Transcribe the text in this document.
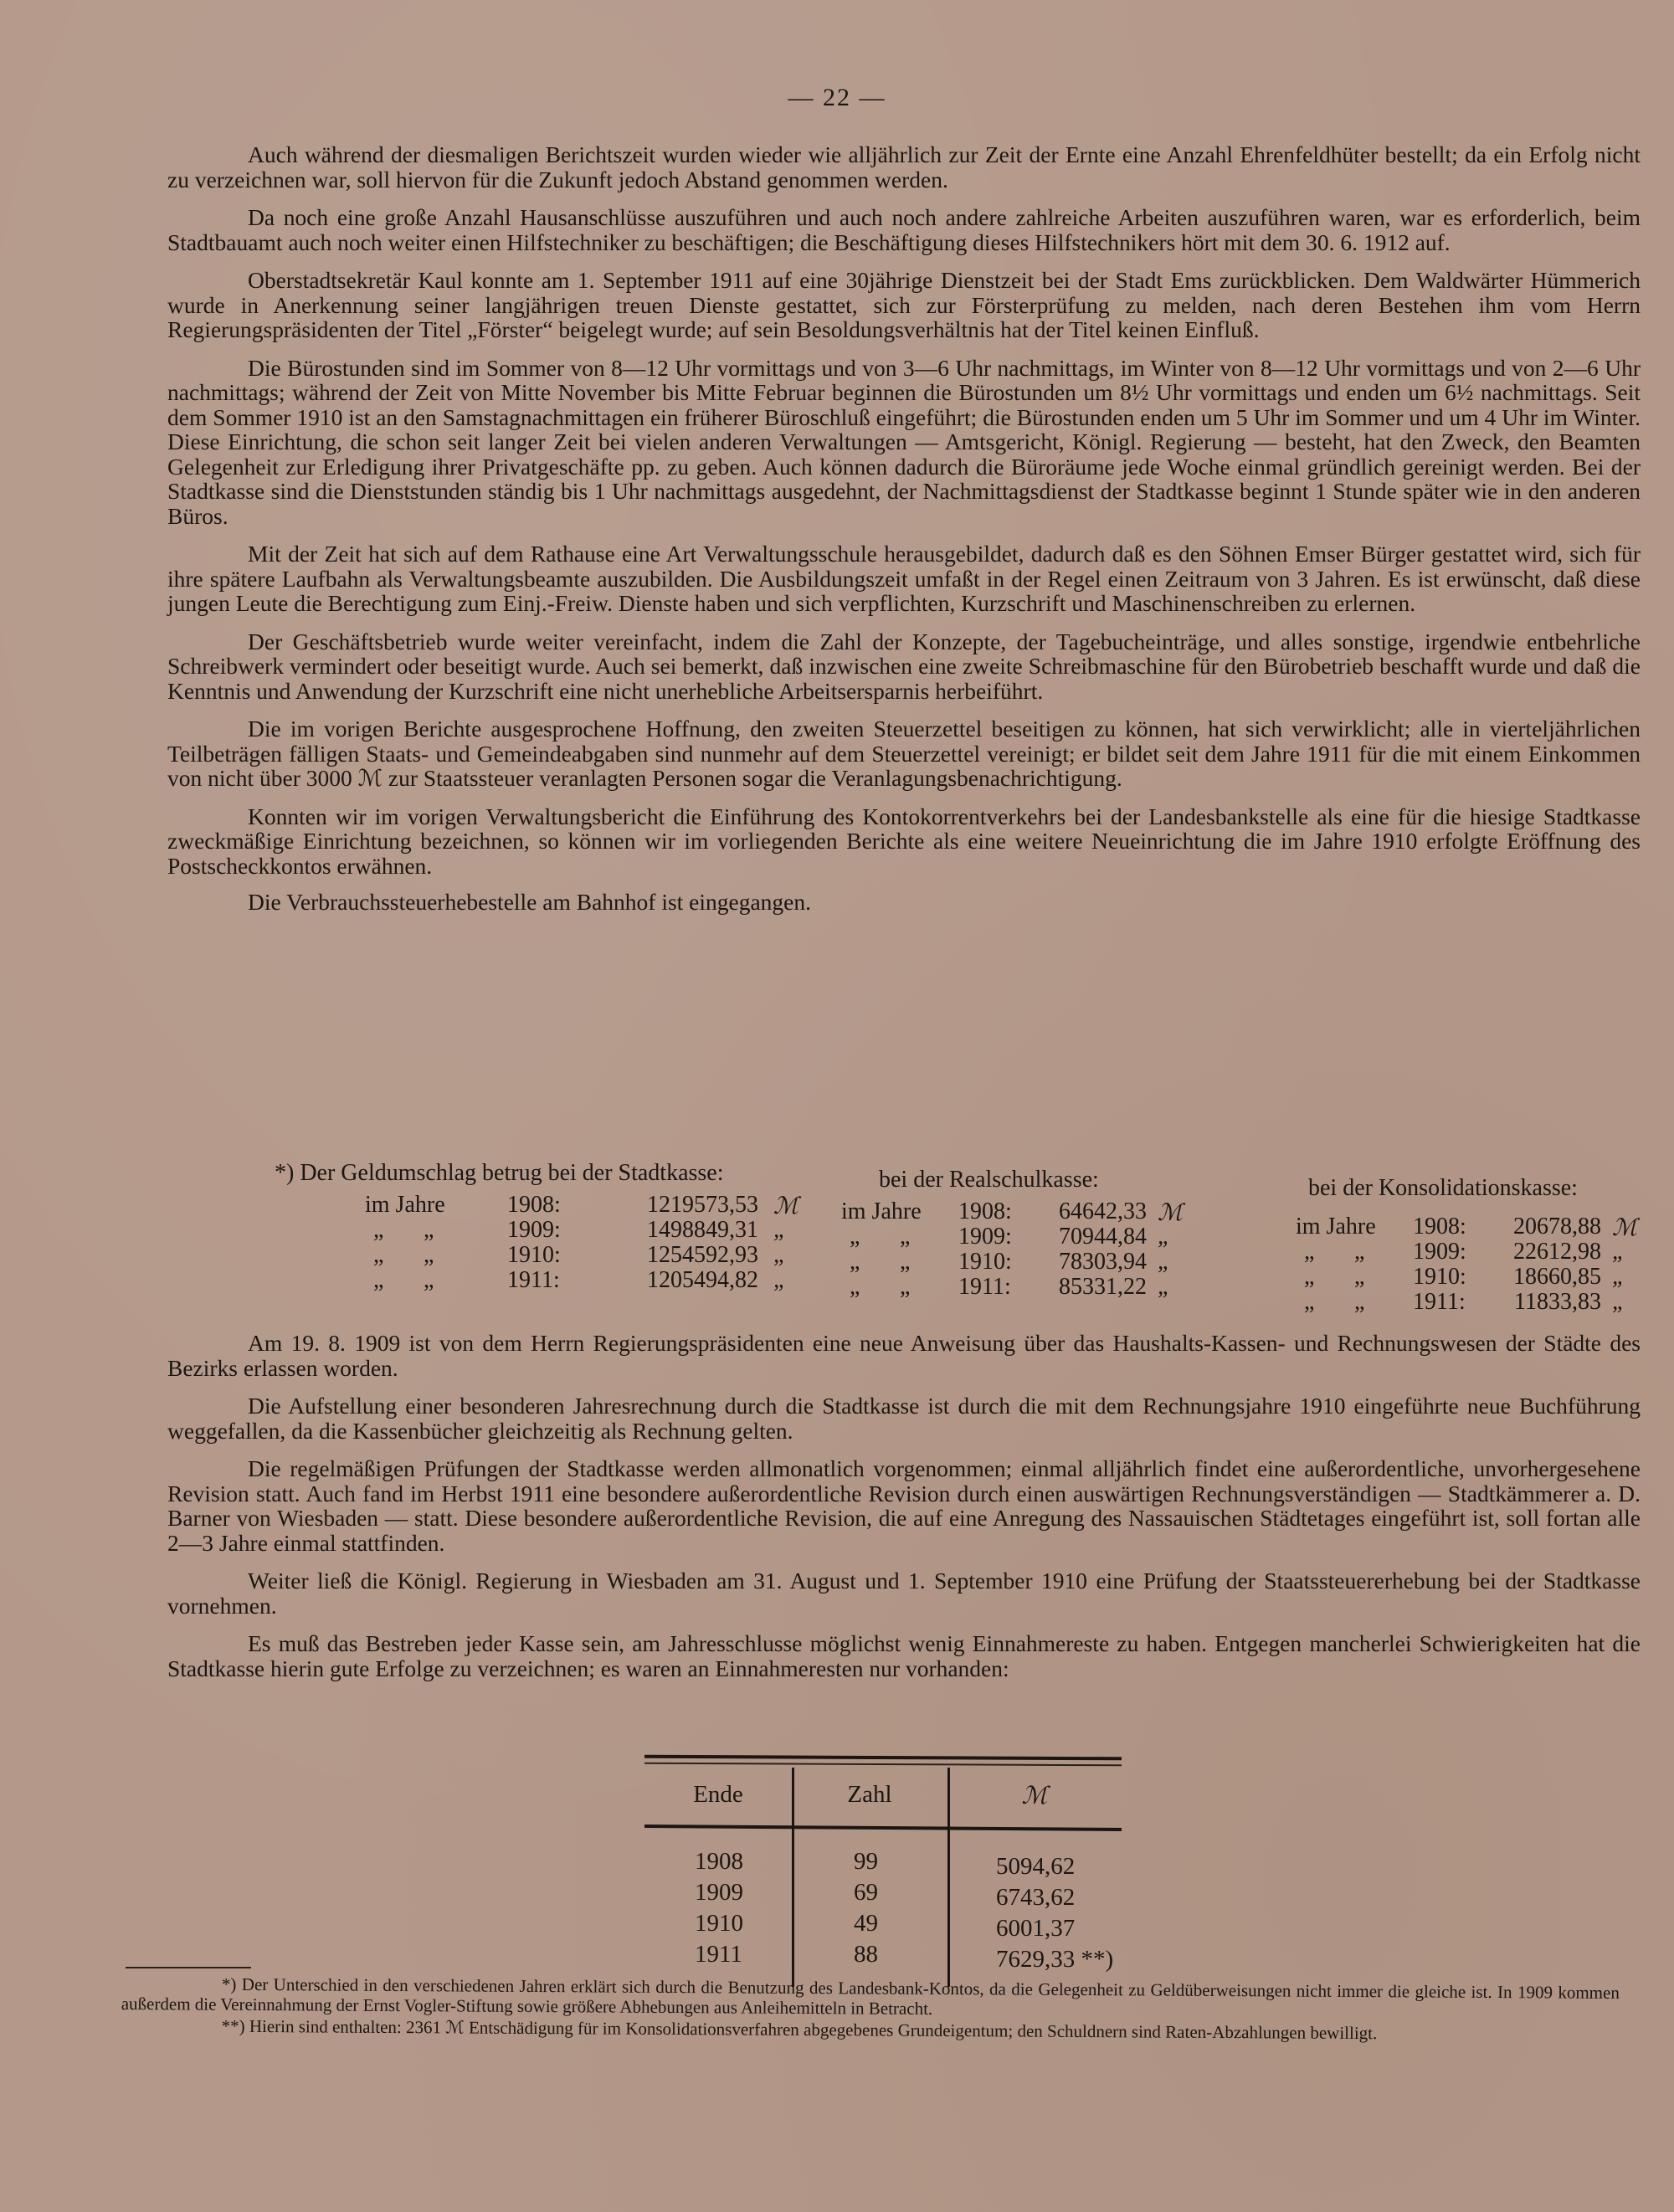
— 22 —

Auch während der diesmaligen Berichtszeit wurden wieder wie alljährlich zur Zeit der Ernte eine Anzahl Ehrenfeldhüter bestellt; da ein Erfolg nicht zu verzeichnen war, soll hiervon für die Zukunft jedoch Abstand genommen werden.

Da noch eine große Anzahl Hausanschlüsse auszuführen und auch noch andere zahlreiche Arbeiten auszuführen waren, war es erforderlich, beim Stadtbauamt auch noch weiter einen Hilfstechniker zu beschäftigen; die Beschäftigung dieses Hilfstechnikers hört mit dem 30. 6. 1912 auf.

Oberstadtsekretär Kaul konnte am 1. September 1911 auf eine 30jährige Dienstzeit bei der Stadt Ems zurückblicken. Dem Waldwärter Hümmerich wurde in Anerkennung seiner langjährigen treuen Dienste gestattet, sich zur Försterprüfung zu melden, nach deren Bestehen ihm vom Herrn Regierungspräsidenten der Titel „Förster“ beigelegt wurde; auf sein Besoldungsverhältnis hat der Titel keinen Einfluß.

Die Bürostunden sind im Sommer von 8—12 Uhr vormittags und von 3—6 Uhr nachmittags, im Winter von 8—12 Uhr vormittags und von 2—6 Uhr nachmittags; während der Zeit von Mitte November bis Mitte Februar beginnen die Bürostunden um 8½ Uhr vormittags und enden um 6½ nachmittags. Seit dem Sommer 1910 ist an den Samstagnachmittagen ein früherer Büroschluß eingeführt; die Bürostunden enden um 5 Uhr im Sommer und um 4 Uhr im Winter. Diese Einrichtung, die schon seit langer Zeit bei vielen anderen Verwaltungen — Amtsgericht, Königl. Regierung — besteht, hat den Zweck, den Beamten Gelegenheit zur Erledigung ihrer Privatgeschäfte pp. zu geben. Auch können dadurch die Büroräume jede Woche einmal gründlich gereinigt werden. Bei der Stadtkasse sind die Dienststunden ständig bis 1 Uhr nachmittags ausgedehnt, der Nachmittagsdienst der Stadtkasse beginnt 1 Stunde später wie in den anderen Büros.

Mit der Zeit hat sich auf dem Rathause eine Art Verwaltungsschule herausgebildet, dadurch daß es den Söhnen Emser Bürger gestattet wird, sich für ihre spätere Laufbahn als Verwaltungsbeamte auszubilden. Die Ausbildungszeit umfaßt in der Regel einen Zeitraum von 3 Jahren. Es ist erwünscht, daß diese jungen Leute die Berechtigung zum Einj.-Freiw. Dienste haben und sich verpflichten, Kurzschrift und Maschinenschreiben zu erlernen.

Der Geschäftsbetrieb wurde weiter vereinfacht, indem die Zahl der Konzepte, der Tagebucheinträge, und alles sonstige, irgendwie entbehrliche Schreibwerk vermindert oder beseitigt wurde. Auch sei bemerkt, daß inzwischen eine zweite Schreibmaschine für den Bürobetrieb beschafft wurde und daß die Kenntnis und Anwendung der Kurzschrift eine nicht unerhebliche Arbeitsersparnis herbeiführt.

Die im vorigen Berichte ausgesprochene Hoffnung, den zweiten Steuerzettel beseitigen zu können, hat sich verwirklicht; alle in vierteljährlichen Teilbeträgen fälligen Staats- und Gemeindeabgaben sind nunmehr auf dem Steuerzettel vereinigt; er bildet seit dem Jahre 1911 für die mit einem Einkommen von nicht über 3000 ℳ zur Staatssteuer veranlagten Personen sogar die Veranlagungsbenachrichtigung.

Konnten wir im vorigen Verwaltungsbericht die Einführung des Kontokorrentverkehrs bei der Landesbankstelle als eine für die hiesige Stadtkasse zweckmäßige Einrichtung bezeichnen, so können wir im vorliegenden Berichte als eine weitere Neueinrichtung die im Jahre 1910 erfolgte Eröffnung des Postscheckkontos erwähnen.

Die Verbrauchssteuerhebestelle am Bahnhof ist eingegangen.

*) Der Geldumschlag betrug bei der Stadtkasse:
im Jahre	1908:	1219573,53 ℳ
„ „	1909:	1498849,31 „
„ „	1910:	1254592,93 „
„ „	1911:	1205494,82 „
bei der Realschulkasse:
im Jahre 1908:	64642,33 ℳ
„ „ 1909:	70944,84 „
„ „ 1910:	78303,94 „
„ „ 1911:	85331,22 „
bei der Konsolidationskasse:
im Jahre 1908:	20678,88 ℳ
„ „ 1909:	22612,98 „
„ „ 1910:	18660,85 „
„ „ 1911:	11833,83 „

Am 19. 8. 1909 ist von dem Herrn Regierungspräsidenten eine neue Anweisung über das Haushalts-Kassen- und Rechnungswesen der Städte des Bezirks erlassen worden.

Die Aufstellung einer besonderen Jahresrechnung durch die Stadtkasse ist durch die mit dem Rechnungsjahre 1910 eingeführte neue Buchführung weggefallen, da die Kassenbücher gleichzeitig als Rechnung gelten.

Die regelmäßigen Prüfungen der Stadtkasse werden allmonatlich vorgenommen; einmal alljährlich findet eine außerordentliche, unvorhergesehene Revision statt. Auch fand im Herbst 1911 eine besondere außerordentliche Revision durch einen auswärtigen Rechnungsverständigen — Stadtkämmerer a. D. Barner von Wiesbaden — statt. Diese besondere außerordentliche Revision, die auf eine Anregung des Nassauischen Städtetages eingeführt ist, soll fortan alle 2—3 Jahre einmal stattfinden.

Weiter ließ die Königl. Regierung in Wiesbaden am 31. August und 1. September 1910 eine Prüfung der Staatssteuererhebung bei der Stadtkasse vornehmen.

Es muß das Bestreben jeder Kasse sein, am Jahresschlusse möglichst wenig Einnahmereste zu haben. Entgegen mancherlei Schwierigkeiten hat die Stadtkasse hierin gute Erfolge zu verzeichnen; es waren an Einnahmeresten nur vorhanden:

Ende	Zahl	ℳ
1908	99	5094,62
1909	69	6743,62
1910	49	6001,37
1911	88	7629,33 **)

*) Der Unterschied in den verschiedenen Jahren erklärt sich durch die Benutzung des Landesbank-Kontos, da die Gelegenheit zu Geldüberweisungen nicht immer die gleiche ist. In 1909 kommen außerdem die Vereinnahmung der Ernst Vogler-Stiftung sowie größere Abhebungen aus Anleihemitteln in Betracht.

**) Hierin sind enthalten: 2361 ℳ Entschädigung für im Konsolidationsverfahren abgegebenes Grundeigentum; den Schuldnern sind Raten-Abzahlungen bewilligt.
